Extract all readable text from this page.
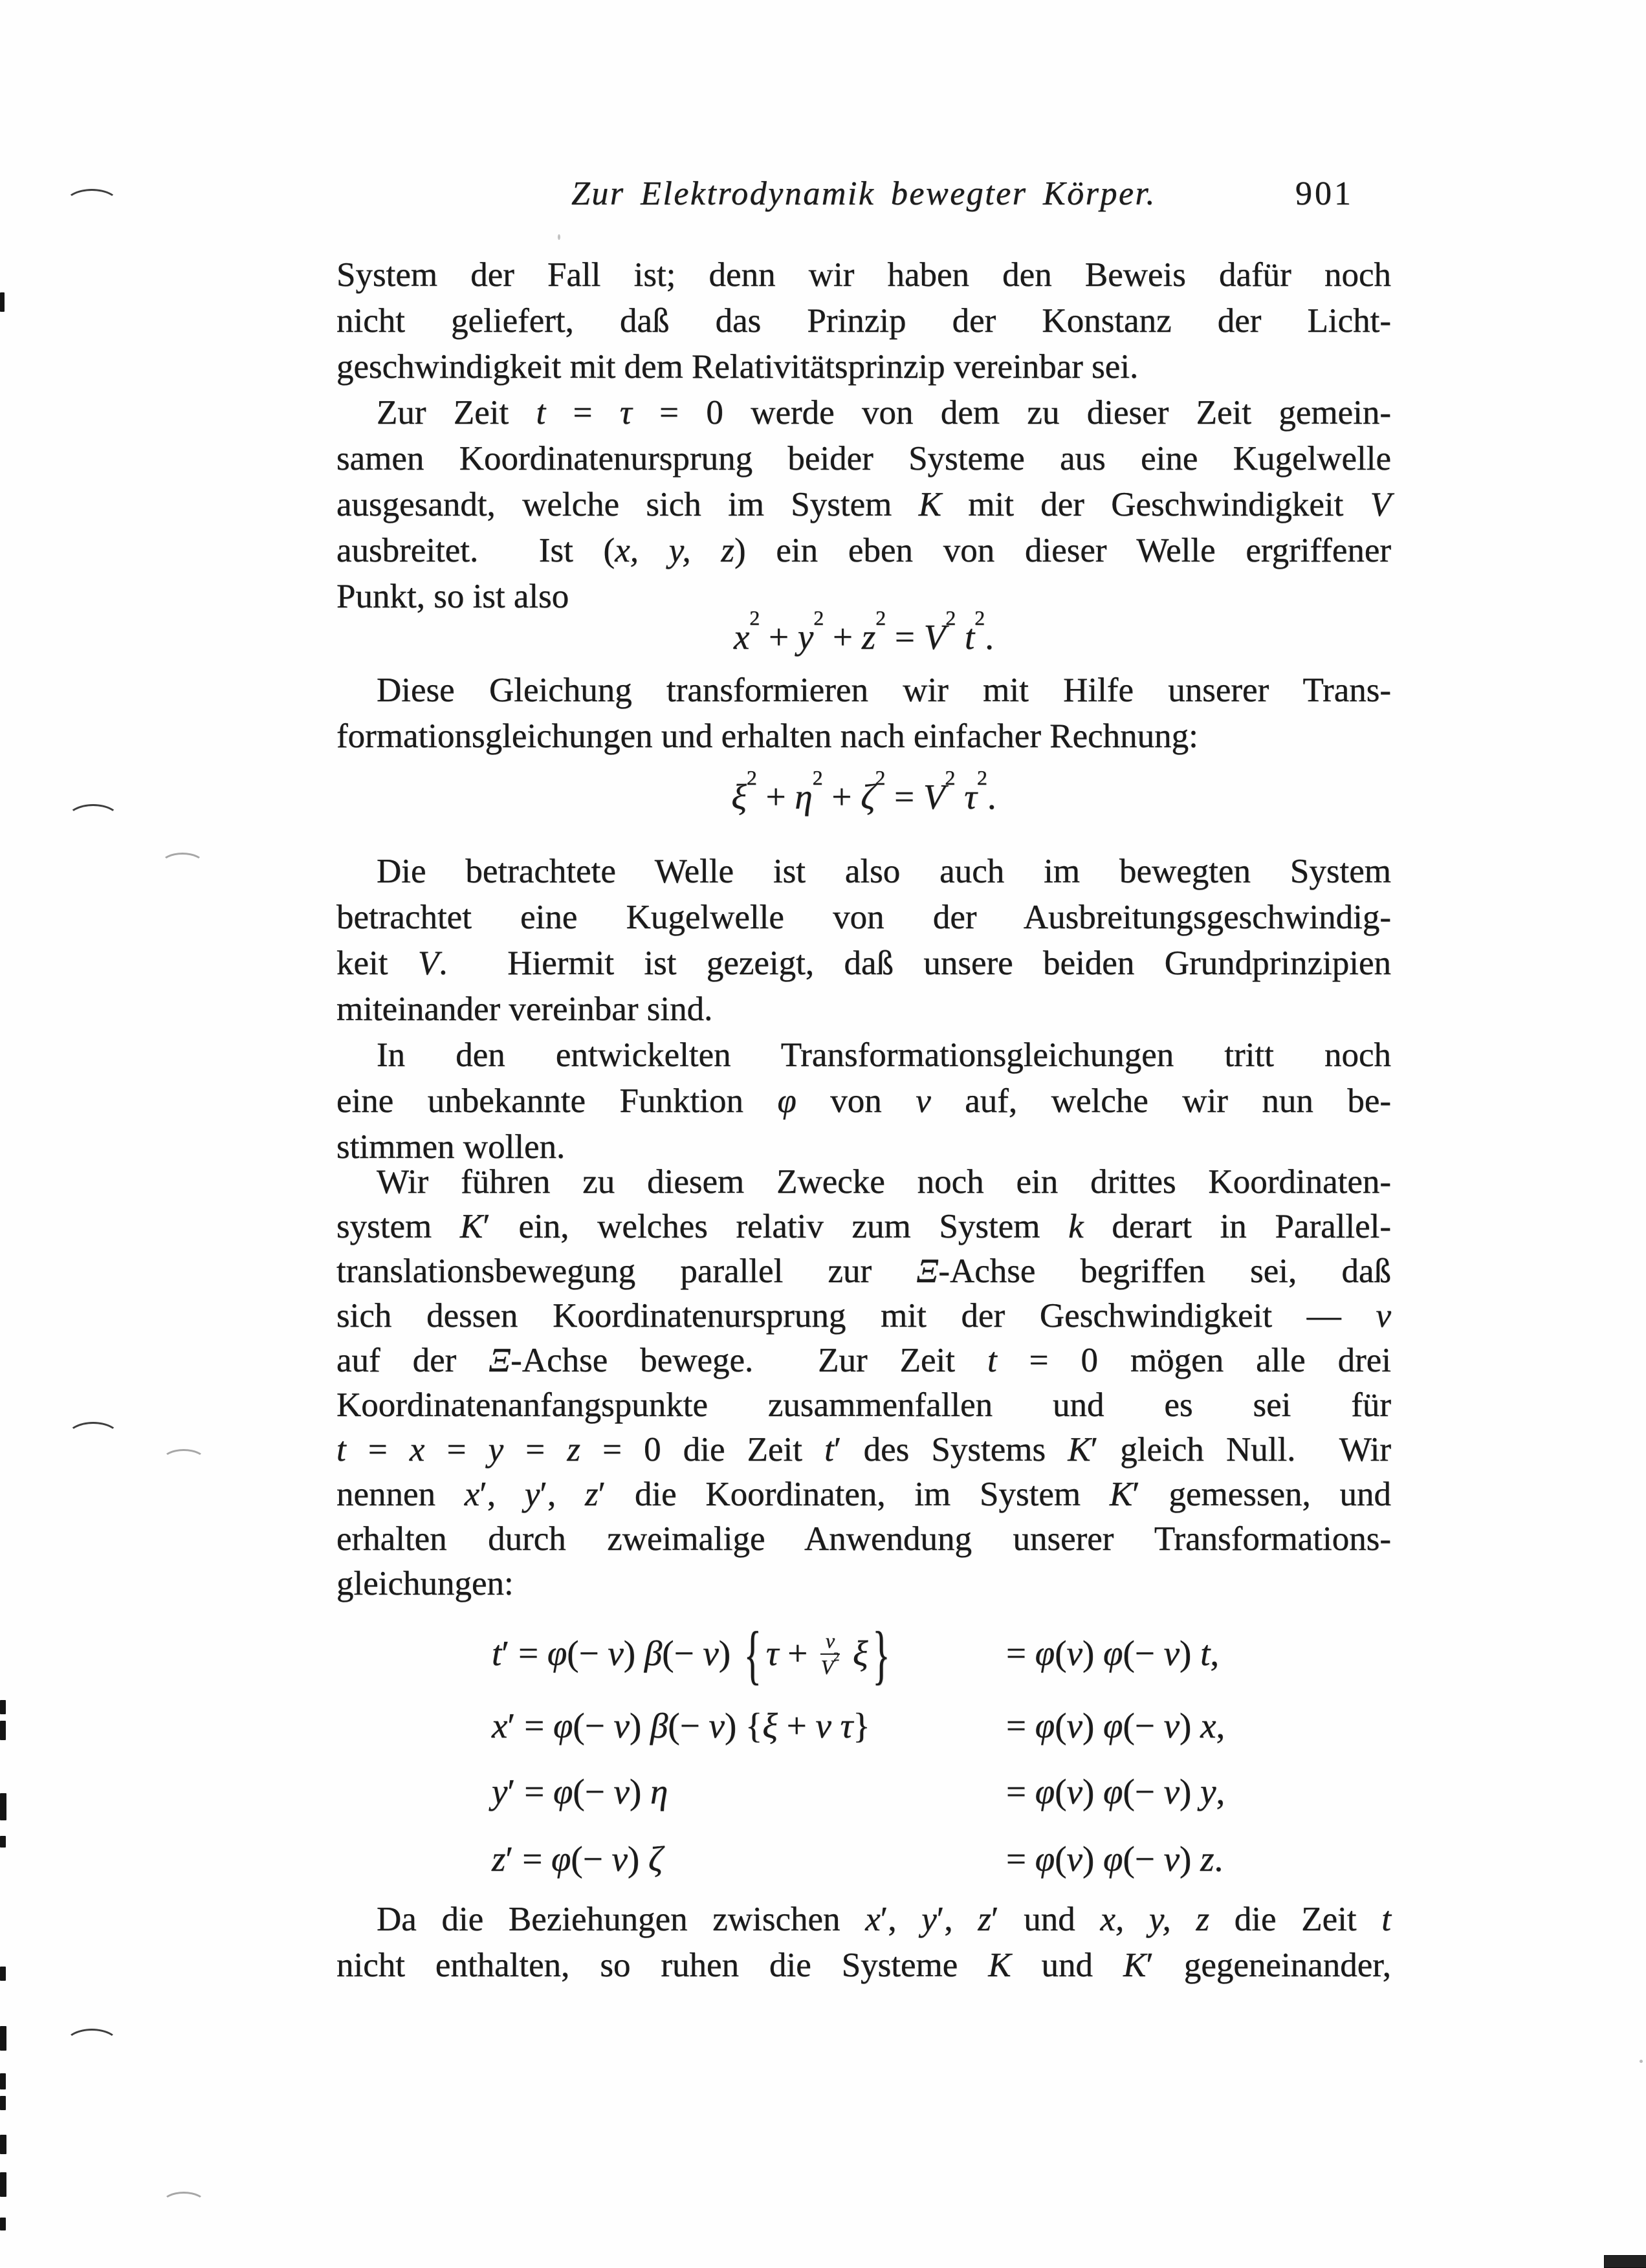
Zur Elektrodynamik bewegter Körper.	901
System der Fall ist; denn wir haben den Beweis dafür noch
nicht geliefert, daß das Prinzip der Konstanz der Licht-
geschwindigkeit mit dem Relativitätsprinzip vereinbar sei.
Zur Zeit t = τ = 0 werde von dem zu dieser Zeit gemein-
samen Koordinatenursprung beider Systeme aus eine Kugelwelle
ausgesandt, welche sich im System K mit der Geschwindigkeit V
ausbreitet.  Ist (x, y, z) ein eben von dieser Welle ergriffener
Punkt, so ist also
$x^2 + y^2 + z^2 = V^2$ $t^2$.
Diese Gleichung transformieren wir mit Hilfe unserer Trans-
formationsgleichungen und erhalten nach einfacher Rechnung:
$\xi^2 + \eta^2 + \zeta^2 = V^2$ $\tau^2$.
Die betrachtete Welle ist also auch im bewegten System
betrachtet eine Kugelwelle von der Ausbreitungsgeschwindig-
keit V.  Hiermit ist gezeigt, daß unsere beiden Grundprinzipien
miteinander vereinbar sind.
In den entwickelten Transformationsgleichungen tritt noch
eine unbekannte Funktion φ von v auf, welche wir nun be-
stimmen wollen.
Wir führen zu diesem Zwecke noch ein drittes Koordinaten-
system K′ ein, welches relativ zum System k derart in Parallel-
translationsbewegung parallel zur Ξ-Achse begriffen sei, daß
sich dessen Koordinatenursprung mit der Geschwindigkeit — v
auf der Ξ-Achse bewege.  Zur Zeit t = 0 mögen alle drei
Koordinatenanfangspunkte zusammenfallen und es sei für
t = x = y = z = 0 die Zeit t′ des Systems K′ gleich Null.  Wir
nennen x′, y′, z′ die Koordinaten, im System K′ gemessen, und
erhalten durch zweimalige Anwendung unserer Transformations-
gleichungen:
t′ = φ(− v) β(− v) { $\tau + \frac{v}{V^2}$ ξ }	= φ(v) φ(− v) t,
x′ = φ(− v) β(− v) {ξ + v τ}	= φ(v) φ(− v) x,
y′ = φ(− v) η	= φ(v) φ(− v) y,
z′ = φ(− v) ζ	= φ(v) φ(− v) z.
Da die Beziehungen zwischen x′, y′, z′ und x, y, z die Zeit t
nicht enthalten, so ruhen die Systeme K und K′ gegeneinander,
